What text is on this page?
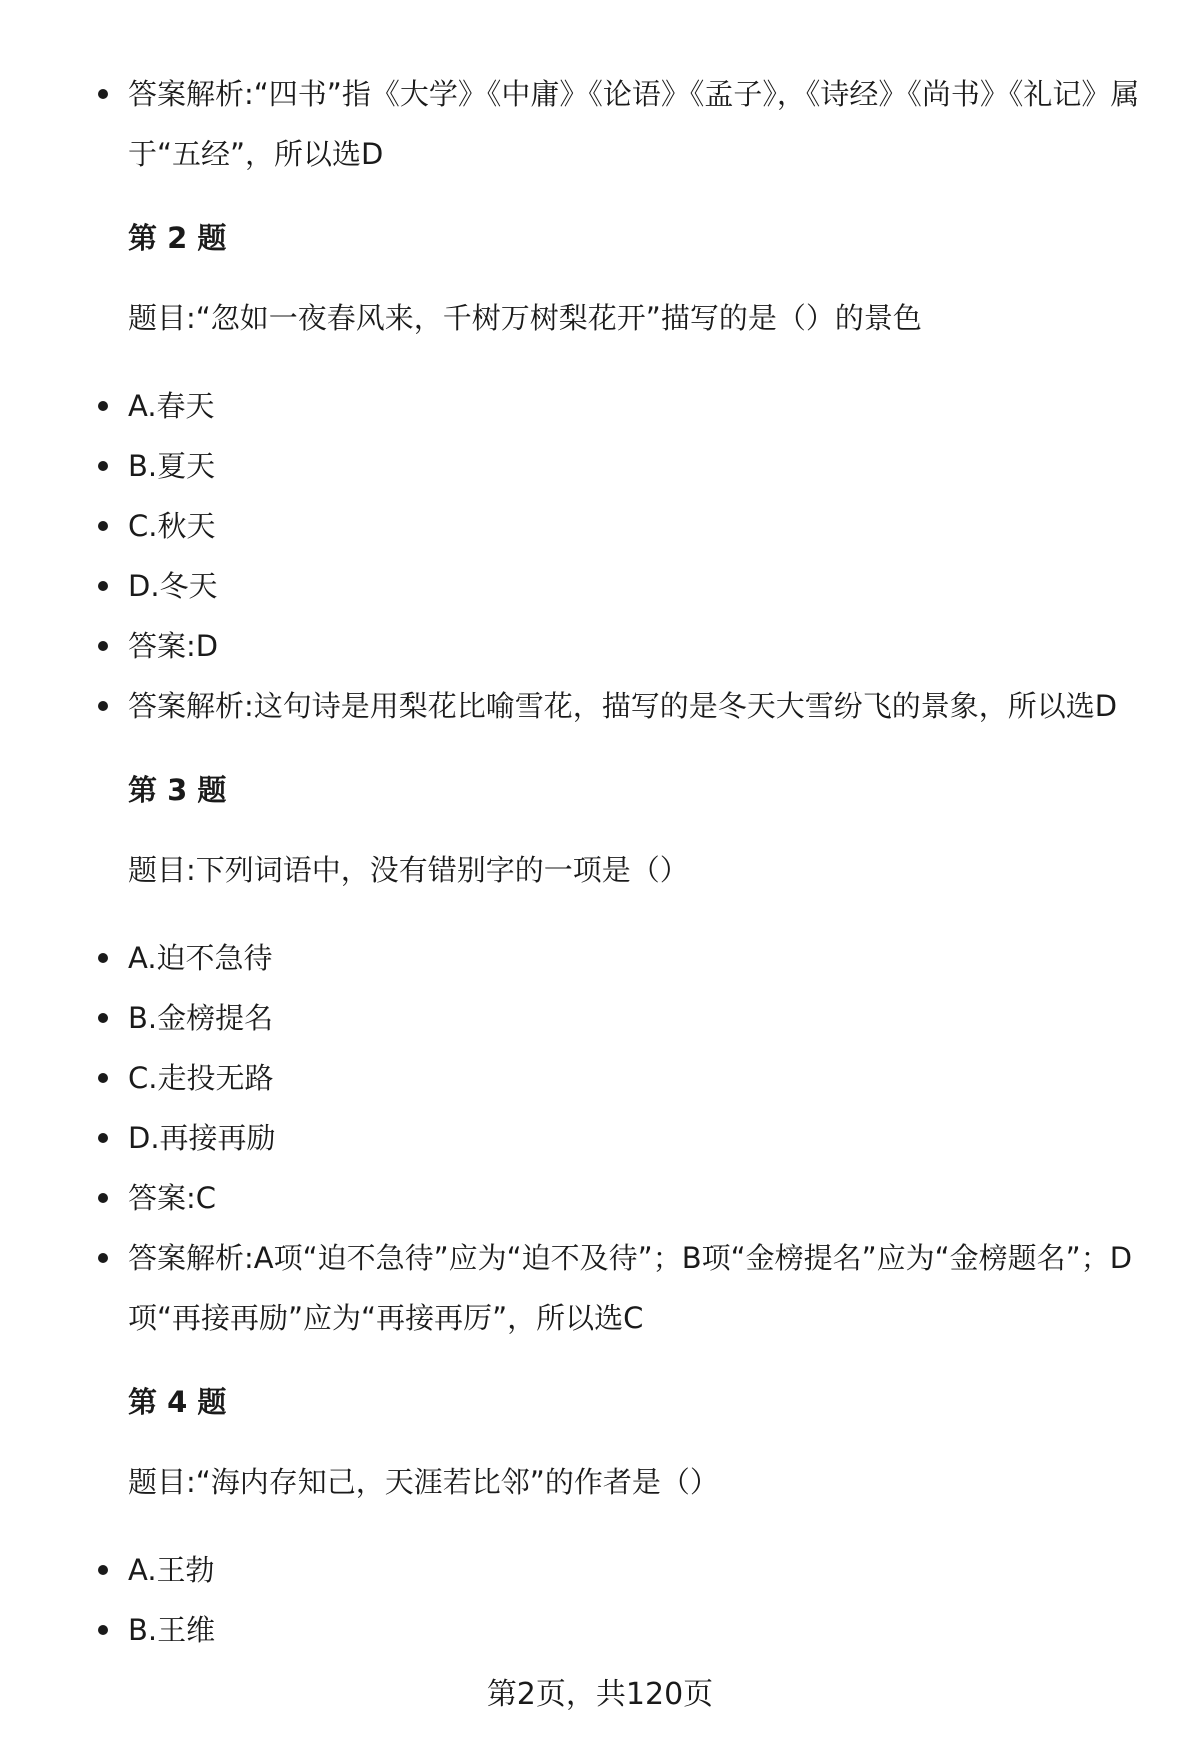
答案解析:“四书”指《大学》《中庸》《论语》《孟子》，《诗经》《尚书》《礼记》属于“五经”，所以选D

第 2 题
题目:“忽如一夜春风来，千树万树梨花开”描写的是（）的景色

A.春天

B.夏天

C.秋天

D.冬天

答案:D

答案解析:这句诗是用梨花比喻雪花，描写的是冬天大雪纷飞的景象，所以选D

第 3 题
题目:下列词语中，没有错别字的一项是（）

A.迫不急待

B.金榜提名

C.走投无路

D.再接再励

答案:C

答案解析:A项“迫不急待”应为“迫不及待”；B项“金榜提名”应为“金榜题名”；D项“再接再励”应为“再接再厉”，所以选C

第 4 题
题目:“海内存知己，天涯若比邻”的作者是（）

A.王勃

B.王维

第2页，共120页
